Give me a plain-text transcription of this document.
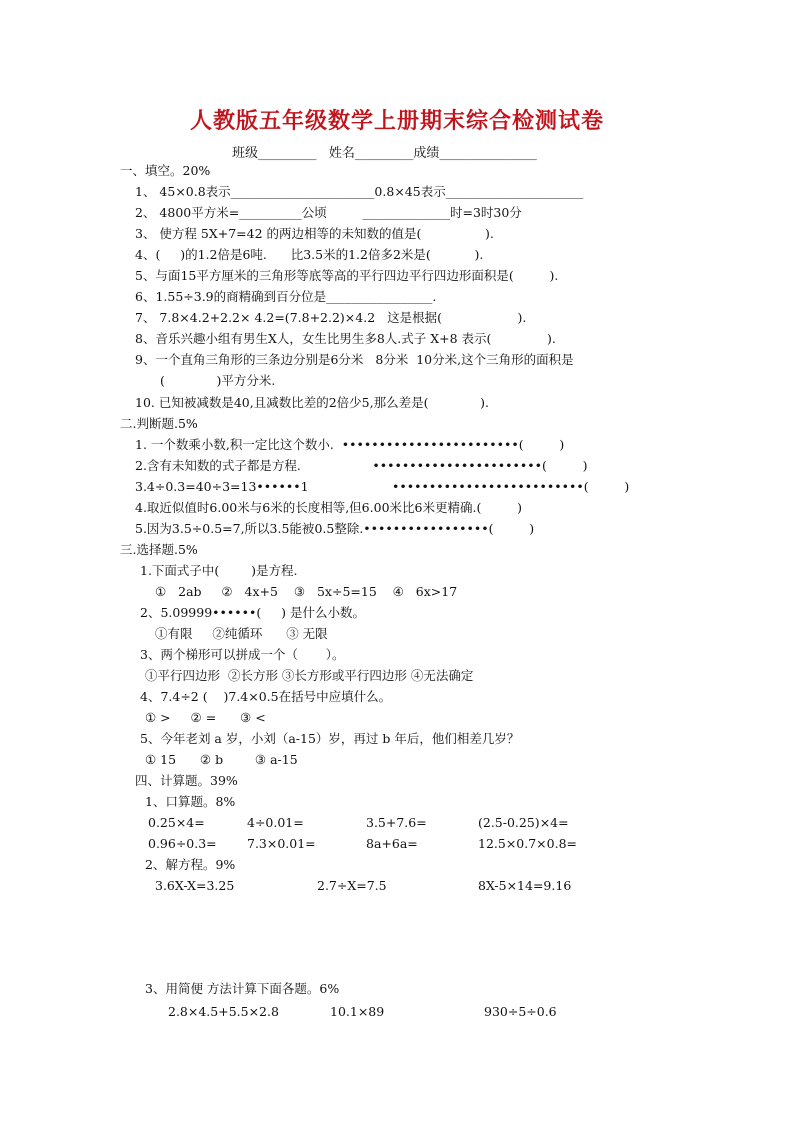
人教版五年级数学上册期末综合检测试卷
班级_________   姓名_________成绩_______________
一、填空。20%
1、 45×0.8表示_______________________0.8×45表示______________________
2、 4800平方米=__________公顷         ______________时=3时30分
3、 使方程 5X+7=42 的两边相等的未知数的值是(                ).
4、(     )的1.2倍是6吨.      比3.5米的1.2倍多2米是(           ).
5、与面15平方厘米的三角形等底等高的平行四边平行四边形面积是(         ).
6、1.55÷3.9的商精确到百分位是_________________.
7、 7.8×4.2+2.2× 4.2=(7.8+2.2)×4.2   这是根据(                   ).
8、音乐兴趣小组有男生X人，女生比男生多8人.式子 X+8 表示(              ).
9、一个直角三角形的三条边分别是6分米   8分米  10分米,这个三角形的面积是
(             )平方分米.
10. 已知被减数是40,且减数比差的2倍少5,那么差是(             ).
二.判断题.5%
1. 一个数乘小数,积一定比这个数小.  ••••••••••••••••••••••••(         )
2.含有未知数的式子都是方程.                  •••••••••••••••••••••••(         )
3.4÷0.3=40÷3=13••••••1                     ••••••••••••••••••••••••••(         )
4.取近似值时6.00米与6米的长度相等,但6.00米比6米更精确.(         )
5.因为3.5÷0.5=7,所以3.5能被0.5整除.•••••••••••••••••(         )
三.选择题.5%
1.下面式子中(        )是方程.
①   2ab     ②   4x+5    ③   5x÷5=15    ④   6x>17
2、5.09999••••••(     ) 是什么小数。
①有限     ②纯循环      ③ 无限
3、两个梯形可以拼成一个（       ）。
①平行四边形  ②长方形 ③长方形或平行四边形 ④无法确定
4、7.4÷2 (    )7.4×0.5在括号中应填什么。
① >     ② =      ③ <
5、今年老刘 a 岁，小刘（a-15）岁，再过 b 年后，他们相差几岁？
① 15      ② b        ③ a-15
四、计算题。39%
1、口算题。8%
0.25×4=	4÷0.01=	3.5+7.6=	(2.5-0.25)×4=
0.96÷0.3= 7.3×0.01=	8a+6a=	12.5×0.7×0.8=
2、解方程。9%
3.6X-X=3.25	2.7÷X=7.5	8X-5×14=9.16
3、用简便 方法计算下面各题。6%
2.8×4.5+5.5×2.8	10.1×89	930÷5÷0.6
